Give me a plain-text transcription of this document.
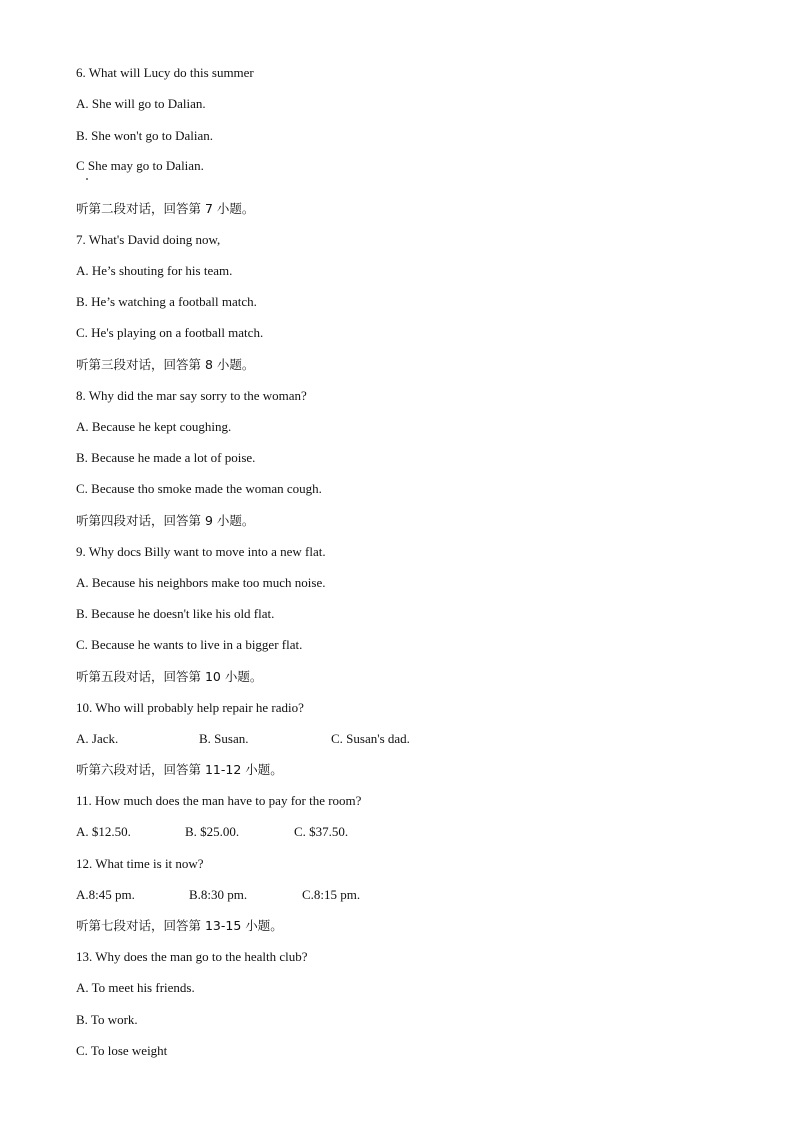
6. What will Lucy do this summer
A. She will go to Dalian.
B. She won't go to Dalian.
C She may go to Dalian.
听第二段对话，回答第 7 小题。
7. What's David doing now,
A. He’s shouting for his team.
B. He’s watching a football match.
C. He's playing on a football match.
听第三段对话，回答第 8 小题。
8. Why did the mar say sorry to the woman?
A. Because he kept coughing.
B. Because he made a lot of poise.
C. Because tho smoke made the woman cough.
听第四段对话，回答第 9 小题。
9. Why docs Billy want to move into a new flat.
A. Because his neighbors make too much noise.
B. Because he doesn't like his old flat.
C. Because he wants to live in a bigger flat.
听第五段对话，回答第 10 小题。
10. Who will probably help repair he radio?
A. Jack.	B. Susan.	C. Susan's dad.
听第六段对话，回答第 11-12 小题。
11. How much does the man have to pay for the room?
A. $12.50.	B. $25.00.	C. $37.50.
12. What time is it now?
A.8:45 pm.	B.8:30 pm.	C.8:15 pm.
听第七段对话，回答第 13-15 小题。
13. Why does the man go to the health club?
A. To meet his friends.
B. To work.
C. To lose weight
